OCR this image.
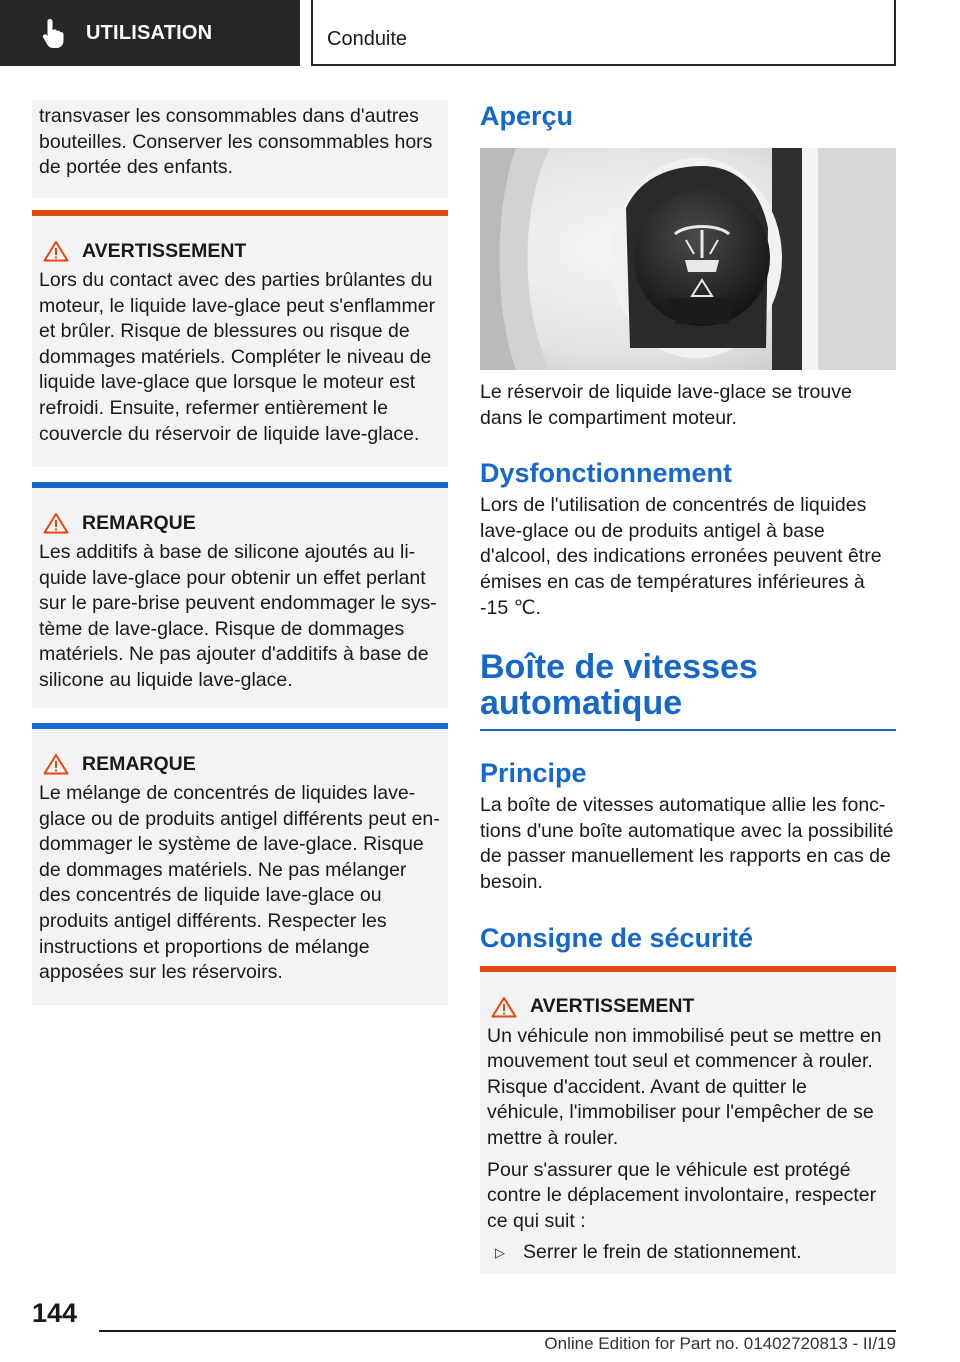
UTILISATION	Conduite

transvaser les consommables dans d'autres bouteilles. Conserver les consommables hors de portée des enfants.

AVERTISSEMENT

Lors du contact avec des parties brûlantes du moteur, le liquide lave-glace peut s'enflammer et brûler. Risque de blessures ou risque de dommages matériels. Compléter le niveau de liquide lave-glace que lorsque le moteur est refroidi. Ensuite, refermer entièrement le couvercle du réservoir de liquide lave-glace.

REMARQUE

Les additifs à base de silicone ajoutés au liquide lave-glace pour obtenir un effet perlant sur le pare-brise peuvent endommager le système de lave-glace. Risque de dommages matériels. Ne pas ajouter d'additifs à base de silicone au liquide lave-glace.

REMARQUE

Le mélange de concentrés de liquides lave-glace ou de produits antigel différents peut endommager le système de lave-glace. Risque de dommages matériels. Ne pas mélanger des concentrés de liquide lave-glace ou produits antigel différents. Respecter les instructions et proportions de mélange apposées sur les réservoirs.

Aperçu

Le réservoir de liquide lave-glace se trouve dans le compartiment moteur.

Dysfonctionnement

Lors de l'utilisation de concentrés de liquides lave-glace ou de produits antigel à base d'alcool, des indications erronées peuvent être émises en cas de températures inférieures à -15 ℃.

Boîte de vitesses
automatique
Principe

La boîte de vitesses automatique allie les fonctions d'une boîte automatique avec la possibilité de passer manuellement les rapports en cas de besoin.

Consigne de sécurité
AVERTISSEMENT

Un véhicule non immobilisé peut se mettre en mouvement tout seul et commencer à rouler. Risque d'accident. Avant de quitter le véhicule, l'immobiliser pour l'empêcher de se mettre à rouler.

Pour s'assurer que le véhicule est protégé contre le déplacement involontaire, respecter ce qui suit :

▷ Serrer le frein de stationnement.
144
Online Edition for Part no. 01402720813 - II/19
